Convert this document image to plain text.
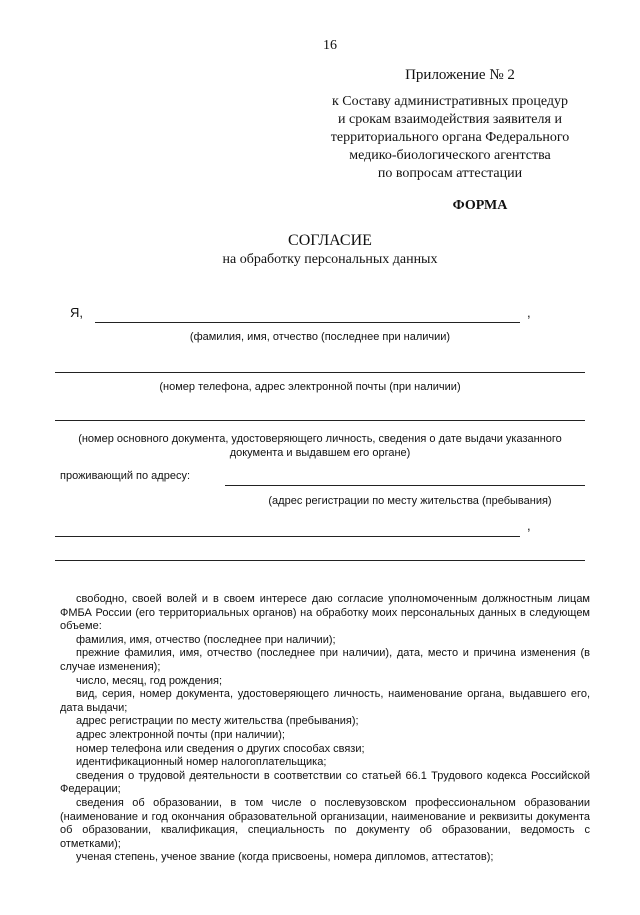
16
Приложение № 2
к Составу административных процедур
и срокам взаимодействия заявителя и
территориального органа Федерального
медико-биологического агентства
по вопросам аттестации
ФОРМА
СОГЛАСИЕ
на обработку персональных данных
Я,	,
(фамилия, имя, отчество (последнее при наличии)
(номер телефона, адрес электронной почты (при наличии)
(номер основного документа, удостоверяющего личность, сведения о дате выдачи указанного
документа и выдавшем его органе)
проживающий по адресу:
(адрес регистрации по месту жительства (пребывания)
,

свободно, своей волей и в своем интересе даю согласие уполномоченным должностным лицам ФМБА России (его территориальных органов) на обработку моих персональных данных в следующем объеме:

фамилия, имя, отчество (последнее при наличии);

прежние фамилия, имя, отчество (последнее при наличии), дата, место и причина изменения (в случае изменения);

число, месяц, год рождения;

вид, серия, номер документа, удостоверяющего личность, наименование органа, выдавшего его, дата выдачи;

адрес регистрации по месту жительства (пребывания);

адрес электронной почты (при наличии);

номер телефона или сведения о других способах связи;

идентификационный номер налогоплательщика;

сведения о трудовой деятельности в соответствии со статьей 66.1 Трудового кодекса Российской Федерации;

сведения об образовании, в том числе о послевузовском профессиональном образовании (наименование и год окончания образовательной организации, наименование и реквизиты документа об образовании, квалификация, специальность по документу об образовании, ведомость с отметками);

ученая степень, ученое звание (когда присвоены, номера дипломов, аттестатов);
